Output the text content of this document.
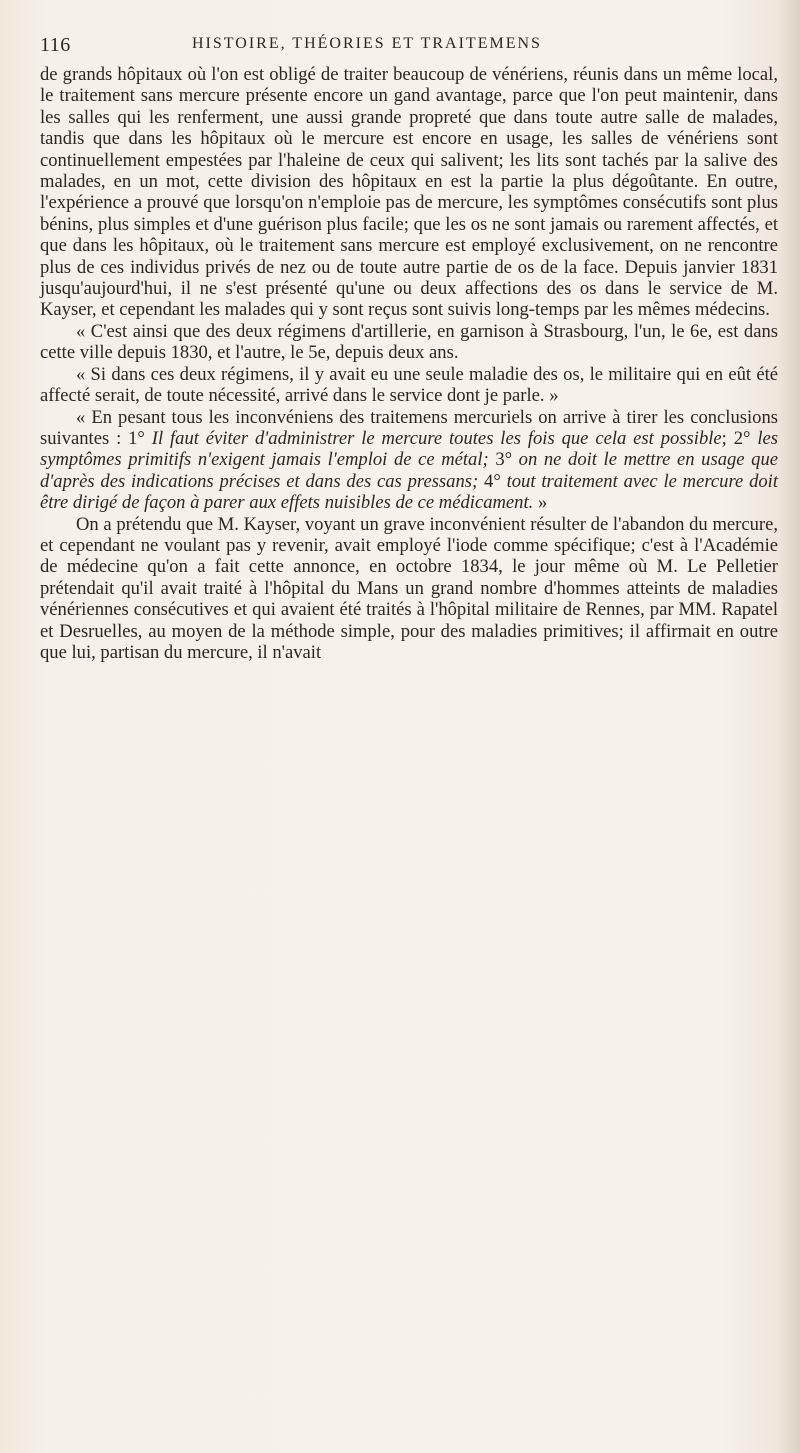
116	HISTOIRE, THÉORIES ET TRAITEMENS

de grands hôpitaux où l'on est obligé de traiter beaucoup de vénériens, réunis dans un même local, le traitement sans mercure présente encore un gand avantage, parce que l'on peut maintenir, dans les salles qui les renferment, une aussi grande propreté que dans toute autre salle de malades, tandis que dans les hôpitaux où le mercure est encore en usage, les salles de vénériens sont continuellement empestées par l'haleine de ceux qui salivent; les lits sont tachés par la salive des malades, en un mot, cette division des hôpitaux en est la partie la plus dégoûtante. En outre, l'expérience a prouvé que lorsqu'on n'emploie pas de mercure, les symptômes consécutifs sont plus bénins, plus simples et d'une guérison plus facile; que les os ne sont jamais ou rarement affectés, et que dans les hôpitaux, où le traitement sans mercure est employé exclusivement, on ne rencontre plus de ces individus privés de nez ou de toute autre partie de os de la face. Depuis janvier 1831 jusqu'aujourd'hui, il ne s'est présenté qu'une ou deux affections des os dans le service de M. Kayser, et cependant les malades qui y sont reçus sont suivis long-temps par les mêmes médecins.

« C'est ainsi que des deux régimens d'artillerie, en garnison à Strasbourg, l'un, le 6e, est dans cette ville depuis 1830, et l'autre, le 5e, depuis deux ans.

« Si dans ces deux régimens, il y avait eu une seule maladie des os, le militaire qui en eût été affecté serait, de toute nécessité, arrivé dans le service dont je parle. »

« En pesant tous les inconvéniens des traitemens mercuriels on arrive à tirer les conclusions suivantes : 1° Il faut éviter d'administrer le mercure toutes les fois que cela est possible; 2° les symptômes primitifs n'exigent jamais l'emploi de ce métal; 3° on ne doit le mettre en usage que d'après des indications précises et dans des cas pressans; 4° tout traitement avec le mercure doit être dirigé de façon à parer aux effets nuisibles de ce médicament. »

On a prétendu que M. Kayser, voyant un grave inconvénient résulter de l'abandon du mercure, et cependant ne voulant pas y revenir, avait employé l'iode comme spécifique; c'est à l'Académie de médecine qu'on a fait cette annonce, en octobre 1834, le jour même où M. Le Pelletier prétendait qu'il avait traité à l'hôpital du Mans un grand nombre d'hommes atteints de maladies vénériennes consécutives et qui avaient été traités à l'hôpital militaire de Rennes, par MM. Rapatel et Desruelles, au moyen de la méthode simple, pour des maladies primitives; il affirmait en outre que lui, partisan du mercure, il n'avait
